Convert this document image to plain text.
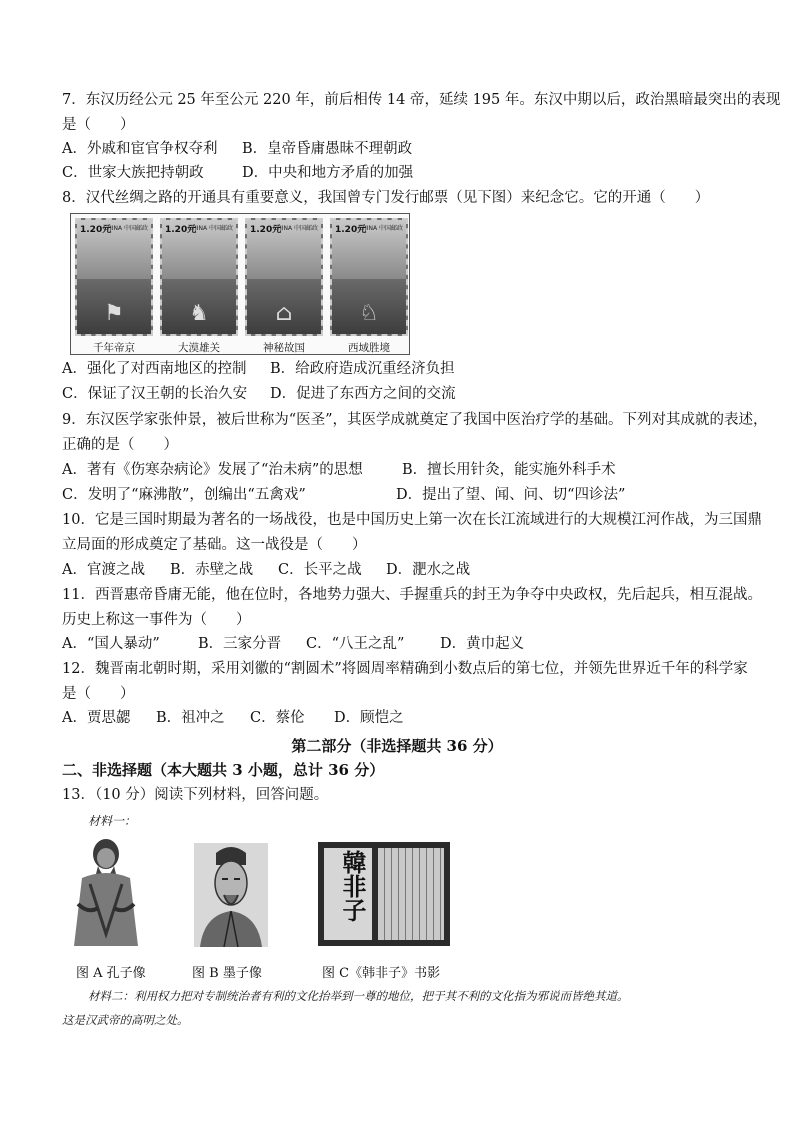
7．东汉历经公元 25 年至公元 220 年，前后相传 14 帝，延续 195 年。东汉中期以后，政治黑暗最突出的表现
是（　　）
A．外戚和宦官争权夺利 B．皇帝昏庸愚昧不理朝政
C．世家大族把持朝政	D．中央和地方矛盾的加强
8．汉代丝绸之路的开通具有重要意义，我国曾专门发行邮票（见下图）来纪念它。它的开通（　　）
1.20元
CHINA 中国邮政
⚑
1.20元
CHINA 中国邮政
♞
1.20元
CHINA 中国邮政
⌂
1.20元
CHINA 中国邮政
♘
千年帝京	大漠雄关	神秘故国	西域胜境
A．强化了对西南地区的控制 B．给政府造成沉重经济负担
C．保证了汉王朝的长治久安 D．促进了东西方之间的交流
9．东汉医学家张仲景，被后世称为“医圣”，其医学成就奠定了我国中医治疗学的基础。下列对其成就的表述，
正确的是（　　）
A．著有《伤寒杂病论》发展了“治未病”的思想	B．擅长用针灸，能实施外科手术
C．发明了“麻沸散”，创编出“五禽戏”	D．提出了望、闻、问、切“四诊法”
10．它是三国时期最为著名的一场战役，也是中国历史上第一次在长江流域进行的大规模江河作战，为三国鼎
立局面的形成奠定了基础。这一战役是（　　）
A．官渡之战 B．赤壁之战 C．长平之战 D．淝水之战
11．西晋惠帝昏庸无能，他在位时，各地势力强大、手握重兵的封王为争夺中央政权，先后起兵，相互混战。
历史上称这一事件为（　　）
A．“国人暴动”	B．三家分晋 C．“八王之乱” D．黄巾起义
12．魏晋南北朝时期，采用刘徽的“割圆术”将圆周率精确到小数点后的第七位，并领先世界近千年的科学家
是（　　）
A．贾思勰 B．祖冲之 C．蔡伦 D．顾恺之
第二部分（非选择题共 36 分）
二、非选择题（本大题共 3 小题，总计 36 分）
13．（10 分）阅读下列材料，回答问题。
材料一：
韓非子
图 A 孔子像	图 B 墨子像	图 C《韩非子》书影
材料二：利用权力把对专制统治者有利的文化抬举到一尊的地位，把于其不利的文化指为邪说而皆绝其道。
这是汉武帝的高明之处。
